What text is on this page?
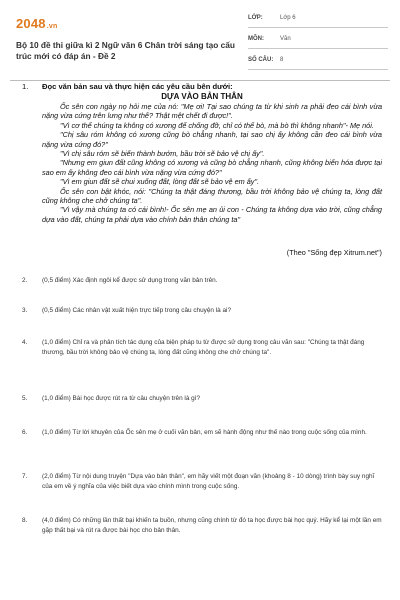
2048.vn
Bộ 10 đề thi giữa kì 2 Ngữ văn 6 Chân trời sáng tạo cấu trúc mới có đáp án - Đề 2
LỚP:	Lớp 6
MÔN:	Văn
SỐ CÂU: 8
1. Đọc văn bản sau và thực hiện các yêu cầu bên dưới:
DỰA VÀO BẢN THÂN

Ốc sên con ngày nọ hỏi mẹ của nó: "Mẹ ơi! Tại sao chúng ta từ khi sinh ra phải đeo cái bình vừa nặng vừa cứng trên lưng như thế? Thật mệt chết đi được!".

"Vì cơ thể chúng ta không có xương để chống đỡ, chỉ có thể bò, mà bò thì không nhanh"- Mẹ nói.

"Chị sâu róm không có xương cũng bò chẳng nhanh, tại sao chị ấy không cần đeo cái bình vừa nặng vừa cứng đó?"

"Vì chị sâu róm sẽ biến thành bướm, bầu trời sẽ bảo vệ chị ấy".

"Nhưng em giun đất cũng không có xương và cũng bò chẳng nhanh, cũng không biến hóa được tại sao em ấy không đeo cái bình vừa nặng vừa cứng đó?"

"Vì em giun đất sẽ chui xuống đất, lòng đất sẽ bảo vệ em ấy".

Ốc sên con bật khóc, nói: "Chúng ta thật đáng thương, bầu trời không bảo vệ chúng ta, lòng đất cũng không che chở chúng ta".

"Vì vậy mà chúng ta có cái bình!- Ốc sên mẹ an ủi con - Chúng ta không dựa vào trời, cũng chẳng dựa vào đất, chúng ta phải dựa vào chính bản thân chúng ta"

(Theo "Sống đẹp Xitrum.net")
2.	(0,5 điểm) Xác định ngôi kể được sử dụng trong văn bản trên.
3.	(0,5 điểm) Các nhân vật xuất hiện trực tiếp trong câu chuyện là ai?
4.	(1,0 điểm) Chỉ ra và phân tích tác dụng của biện pháp tu từ được sử dụng trong câu văn sau: "Chúng ta thật đáng thương, bầu trời không bảo vệ chúng ta, lòng đất cũng không che chở chúng ta".
5.	(1,0 điểm) Bài học được rút ra từ câu chuyện trên là gì?
6.	(1,0 điểm) Từ lời khuyên của Ốc sên mẹ ở cuối văn bản, em sẽ hành động như thế nào trong cuộc sống của mình.
7.	(2,0 điểm) Từ nội dung truyện "Dựa vào bản thân", em hãy viết một đoạn văn (khoảng 8 - 10 dòng) trình bày suy nghĩ của em về ý nghĩa của việc biết dựa vào chính mình trong cuộc sống.
8.	(4,0 điểm) Có những lần thất bại khiến ta buồn, nhưng cũng chính từ đó ta học được bài học quý. Hãy kể lại một lần em gặp thất bại và rút ra được bài học cho bản thân.
